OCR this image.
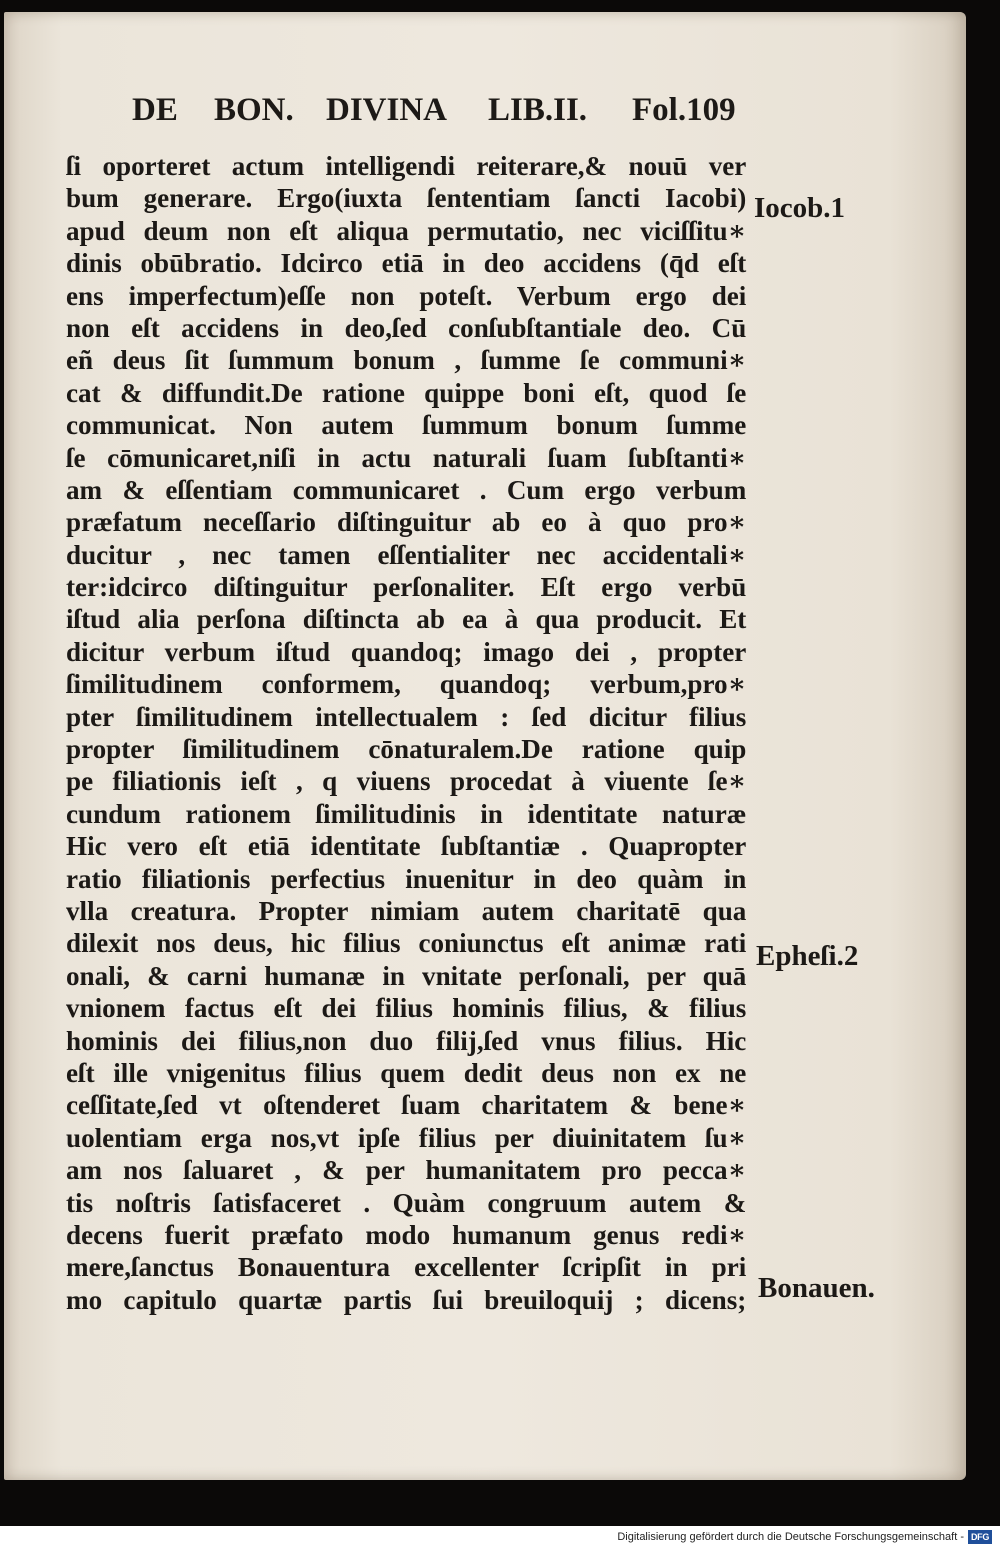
DE BON. DIVINA LIB.II. Fol.109
ſi oporteret actum intelligendi reiterare,& nouū ver
bum generare. Ergo(iuxta ſententiam ſancti Iacobi)
apud deum non eſt aliqua permutatio, nec viciſſitu∗
dinis obūbratio. Idcirco etiā in deo accidens (q̄d eſt
ens imperfectum)eſſe non poteſt. Verbum ergo dei
non eſt accidens in deo,ſed conſubſtantiale deo. Cū
eñ deus ſit ſummum bonum , ſumme ſe communi∗
cat & diffundit.De ratione quippe boni eſt, quod ſe
communicat. Non autem ſummum bonum ſumme
ſe cōmunicaret,niſi in actu naturali ſuam ſubſtanti∗
am & eſſentiam communicaret . Cum ergo verbum
præfatum neceſſario diſtinguitur ab eo à quo pro∗
ducitur , nec tamen eſſentialiter nec accidentali∗
ter:idcirco diſtinguitur perſonaliter. Eſt ergo verbū
iſtud alia perſona diſtincta ab ea à qua producit. Et
dicitur verbum iſtud quandoq; imago dei , propter
ſimilitudinem conformem, quandoq; verbum,pro∗
pter ſimilitudinem intellectualem : ſed dicitur filius
propter ſimilitudinem cōnaturalem.De ratione quip
pe filiationis ieſt , q viuens procedat à viuente ſe∗
cundum rationem ſimilitudinis in identitate naturæ
Hic vero eſt etiā identitate ſubſtantiæ . Quapropter
ratio filiationis perfectius inuenitur in deo quàm in
vlla creatura. Propter nimiam autem charitatē qua
dilexit nos deus, hic filius coniunctus eſt animæ rati
onali, & carni humanæ in vnitate perſonali, per quā
vnionem factus eſt dei filius hominis filius, & filius
hominis dei filius,non duo filij,ſed vnus filius. Hic
eſt ille vnigenitus filius quem dedit deus non ex ne
ceſſitate,ſed vt oſtenderet ſuam charitatem & bene∗
uolentiam erga nos,vt ipſe filius per diuinitatem ſu∗
am nos ſaluaret , & per humanitatem pro pecca∗
tis noſtris ſatisfaceret . Quàm congruum autem &
decens fuerit præfato modo humanum genus redi∗
mere,ſanctus Bonauentura excellenter ſcripſit in pri
mo capitulo quartæ partis ſui breuiloquij ; dicens;
Iocob.1
Epheſi.2
Bonauen.
Digitalisierung gefördert durch die Deutsche Forschungsgemeinschaft - DFG
